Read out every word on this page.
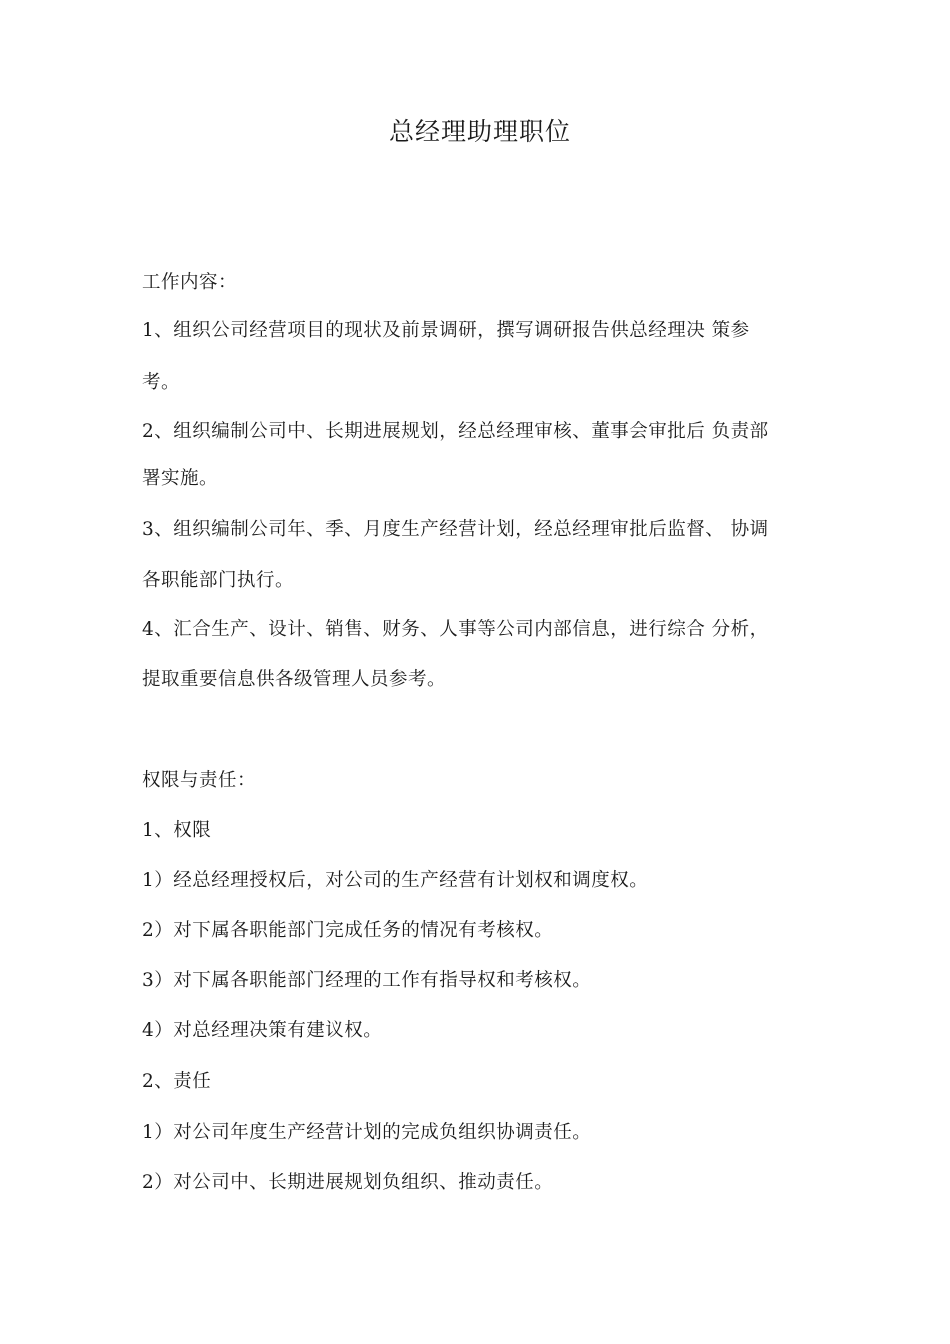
总经理助理职位
工作内容：
1、组织公司经营项目的现状及前景调研，撰写调研报告供总经理决 策参
考。
2、组织编制公司中、长期进展规划，经总经理审核、董事会审批后 负责部
署实施。
3、组织编制公司年、季、月度生产经营计划，经总经理审批后监督、 协调
各职能部门执行。
4、汇合生产、设计、销售、财务、人事等公司内部信息，进行综合 分析，
提取重要信息供各级管理人员参考。
权限与责任：
1、权限
1）经总经理授权后，对公司的生产经营有计划权和调度权。
2）对下属各职能部门完成任务的情况有考核权。
3）对下属各职能部门经理的工作有指导权和考核权。
4）对总经理决策有建议权。
2、责任
1）对公司年度生产经营计划的完成负组织协调责任。
2）对公司中、长期进展规划负组织、推动责任。
